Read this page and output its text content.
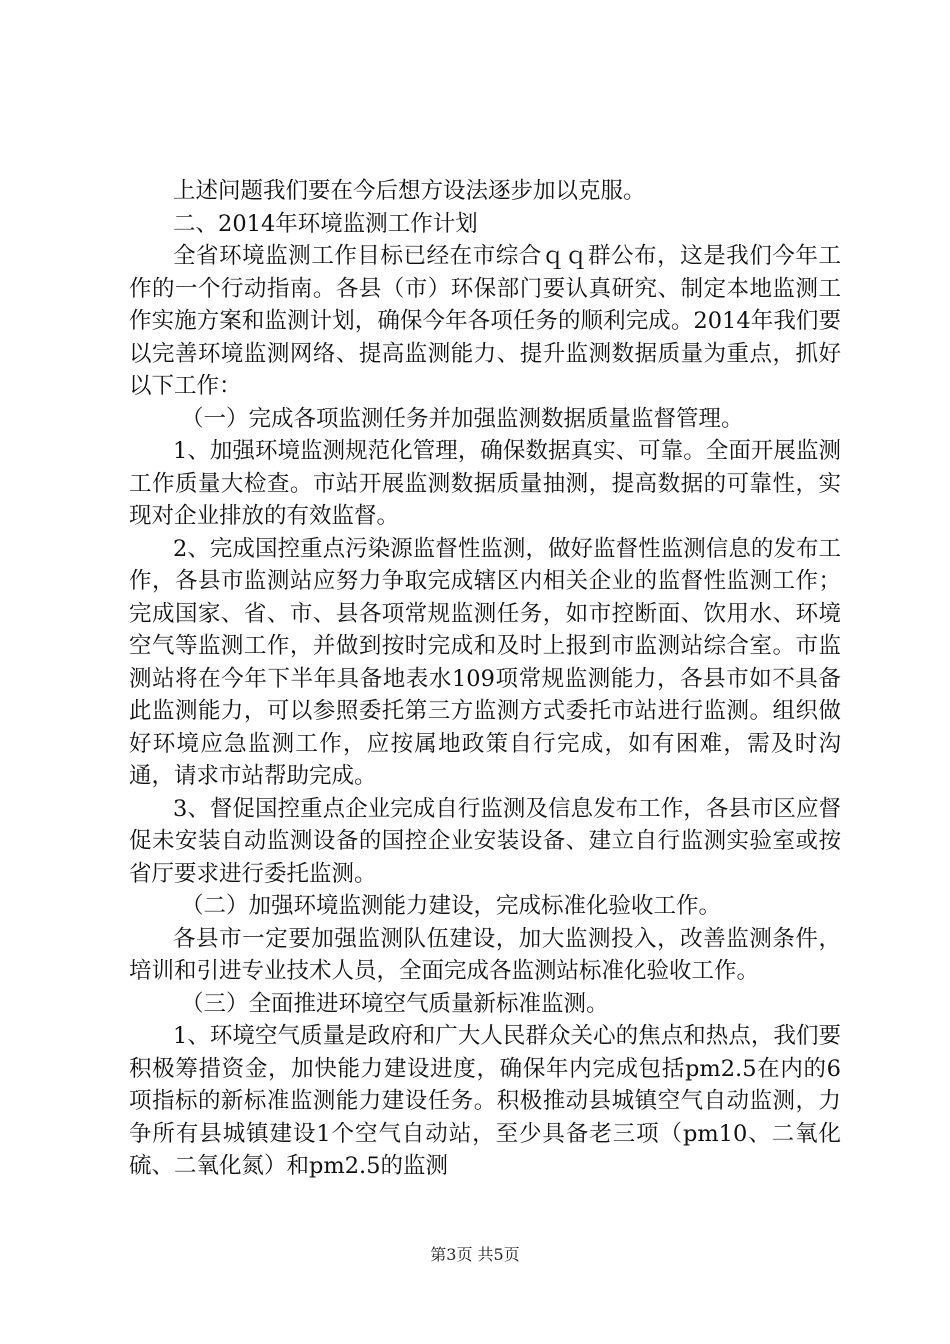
上述问题我们要在今后想方设法逐步加以克服。

二、2014年环境监测工作计划

全省环境监测工作目标已经在市综合ｑｑ群公布，这是我们今年工作的一个行动指南。各县（市）环保部门要认真研究、制定本地监测工作实施方案和监测计划，确保今年各项任务的顺利完成。2014年我们要以完善环境监测网络、提高监测能力、提升监测数据质量为重点，抓好以下工作：

（一）完成各项监测任务并加强监测数据质量监督管理。

1、加强环境监测规范化管理，确保数据真实、可靠。全面开展监测工作质量大检查。市站开展监测数据质量抽测，提高数据的可靠性，实现对企业排放的有效监督。

2、完成国控重点污染源监督性监测，做好监督性监测信息的发布工作，各县市监测站应努力争取完成辖区内相关企业的监督性监测工作；完成国家、省、市、县各项常规监测任务，如市控断面、饮用水、环境空气等监测工作，并做到按时完成和及时上报到市监测站综合室。市监测站将在今年下半年具备地表水109项常规监测能力，各县市如不具备此监测能力，可以参照委托第三方监测方式委托市站进行监测。组织做好环境应急监测工作，应按属地政策自行完成，如有困难，需及时沟通，请求市站帮助完成。

3、督促国控重点企业完成自行监测及信息发布工作，各县市区应督促未安装自动监测设备的国控企业安装设备、建立自行监测实验室或按省厅要求进行委托监测。

（二）加强环境监测能力建设，完成标准化验收工作。

各县市一定要加强监测队伍建设，加大监测投入，改善监测条件，培训和引进专业技术人员，全面完成各监测站标准化验收工作。

（三）全面推进环境空气质量新标准监测。

1、环境空气质量是政府和广大人民群众关心的焦点和热点，我们要积极筹措资金，加快能力建设进度，确保年内完成包括pm2.5在内的6项指标的新标准监测能力建设任务。积极推动县城镇空气自动监测，力争所有县城镇建设1个空气自动站，至少具备老三项（pm10、二氧化硫、二氧化氮）和pm2.5的监测

第3页 共5页
